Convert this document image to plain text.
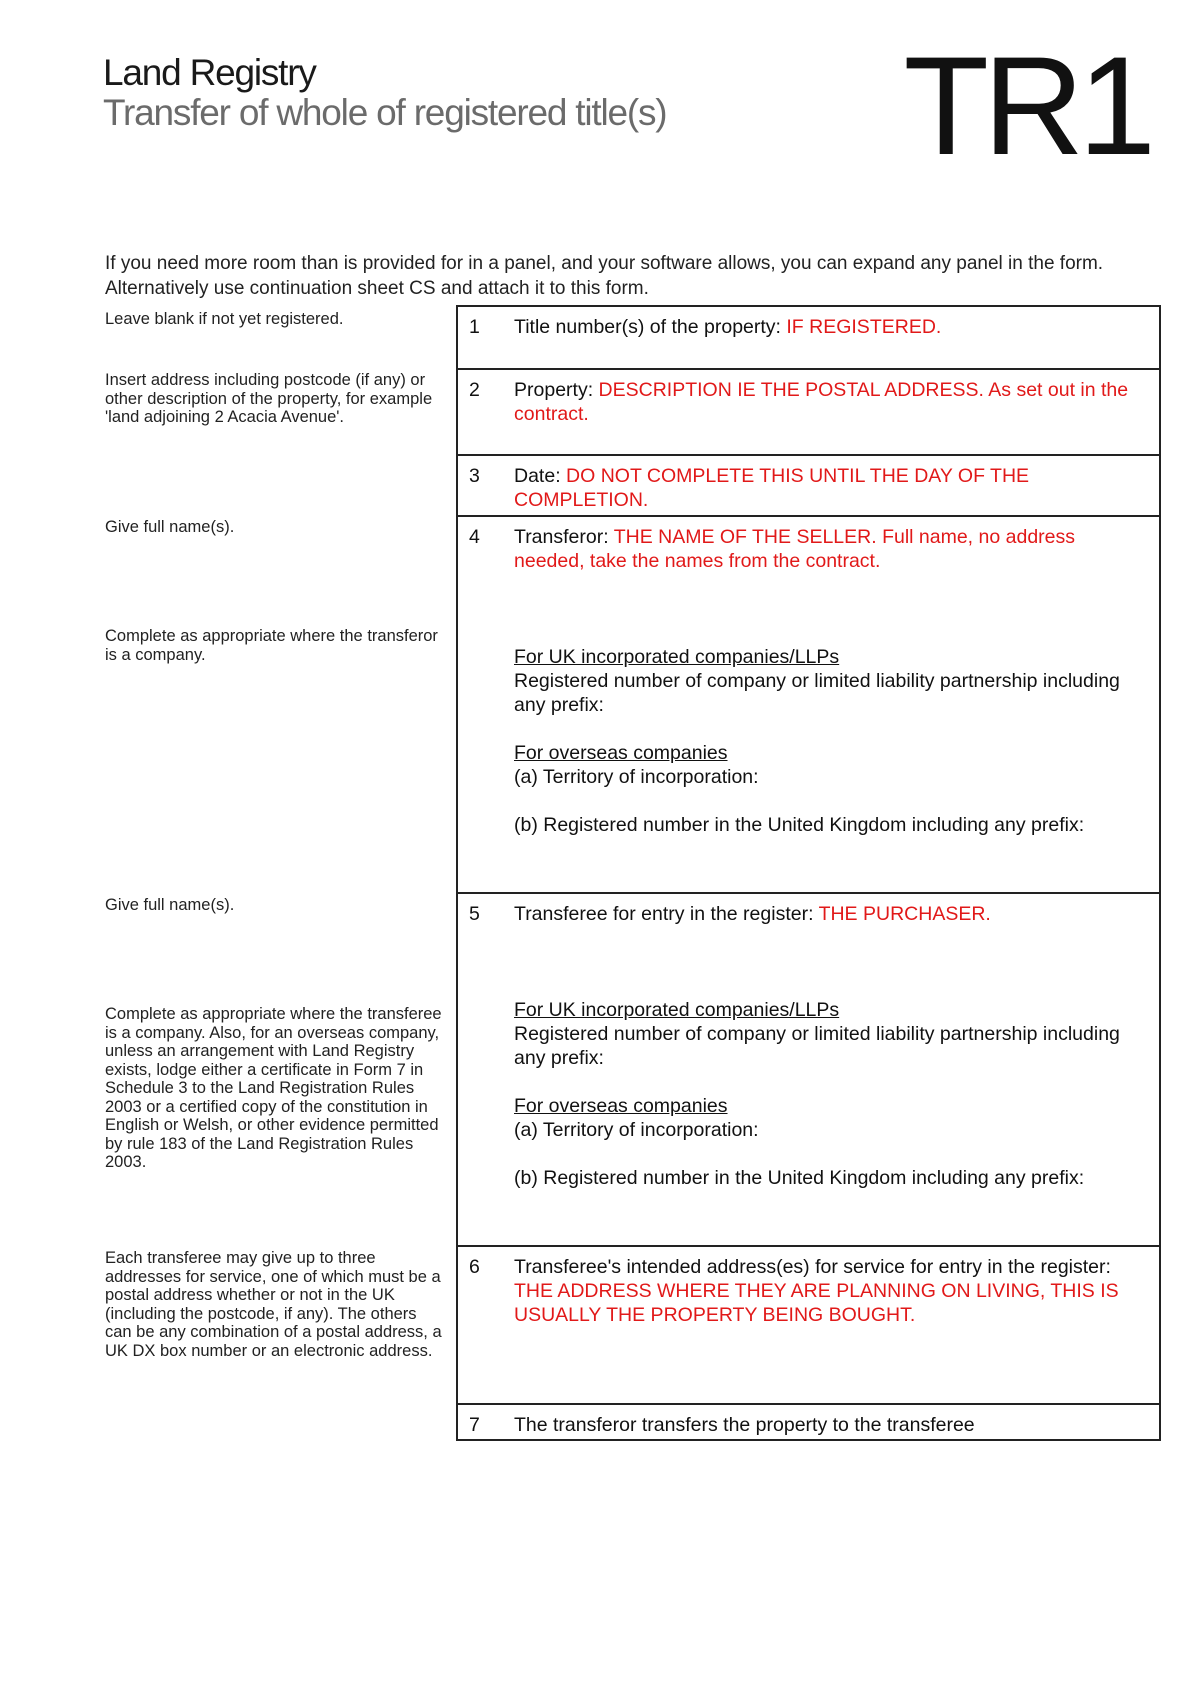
Land Registry
Transfer of whole of registered title(s) TR1
If you need more room than is provided for in a panel, and your software allows, you can expand any panel in the form. Alternatively use continuation sheet CS and attach it to this form.
Leave blank if not yet registered.
Insert address including postcode (if any) or other description of the property, for example 'land adjoining 2 Acacia Avenue'.
Give full name(s).
Complete as appropriate where the transferor is a company.
Give full name(s).
Complete as appropriate where the transferee is a company. Also, for an overseas company, unless an arrangement with Land Registry exists, lodge either a certificate in Form 7 in Schedule 3 to the Land Registration Rules 2003 or a certified copy of the constitution in English or Welsh, or other evidence permitted by rule 183 of the Land Registration Rules 2003.
Each transferee may give up to three addresses for service, one of which must be a postal address whether or not in the UK (including the postcode, if any). The others can be any combination of a postal address, a UK DX box number or an electronic address.
1 Title number(s) of the property: IF REGISTERED.
2 Property: DESCRIPTION IE THE POSTAL ADDRESS. As set out in the contract.
3 Date: DO NOT COMPLETE THIS UNTIL THE DAY OF THE COMPLETION.
4 Transferor: THE NAME OF THE SELLER. Full name, no address needed, take the names from the contract.
For UK incorporated companies/LLPs
Registered number of company or limited liability partnership including any prefix:
For overseas companies
(a) Territory of incorporation:
(b) Registered number in the United Kingdom including any prefix:
5 Transferee for entry in the register: THE PURCHASER.
For UK incorporated companies/LLPs
Registered number of company or limited liability partnership including any prefix:
For overseas companies
(a) Territory of incorporation:
(b) Registered number in the United Kingdom including any prefix:
6 Transferee's intended address(es) for service for entry in the register: THE ADDRESS WHERE THEY ARE PLANNING ON LIVING, THIS IS USUALLY THE PROPERTY BEING BOUGHT.
7 The transferor transfers the property to the transferee
